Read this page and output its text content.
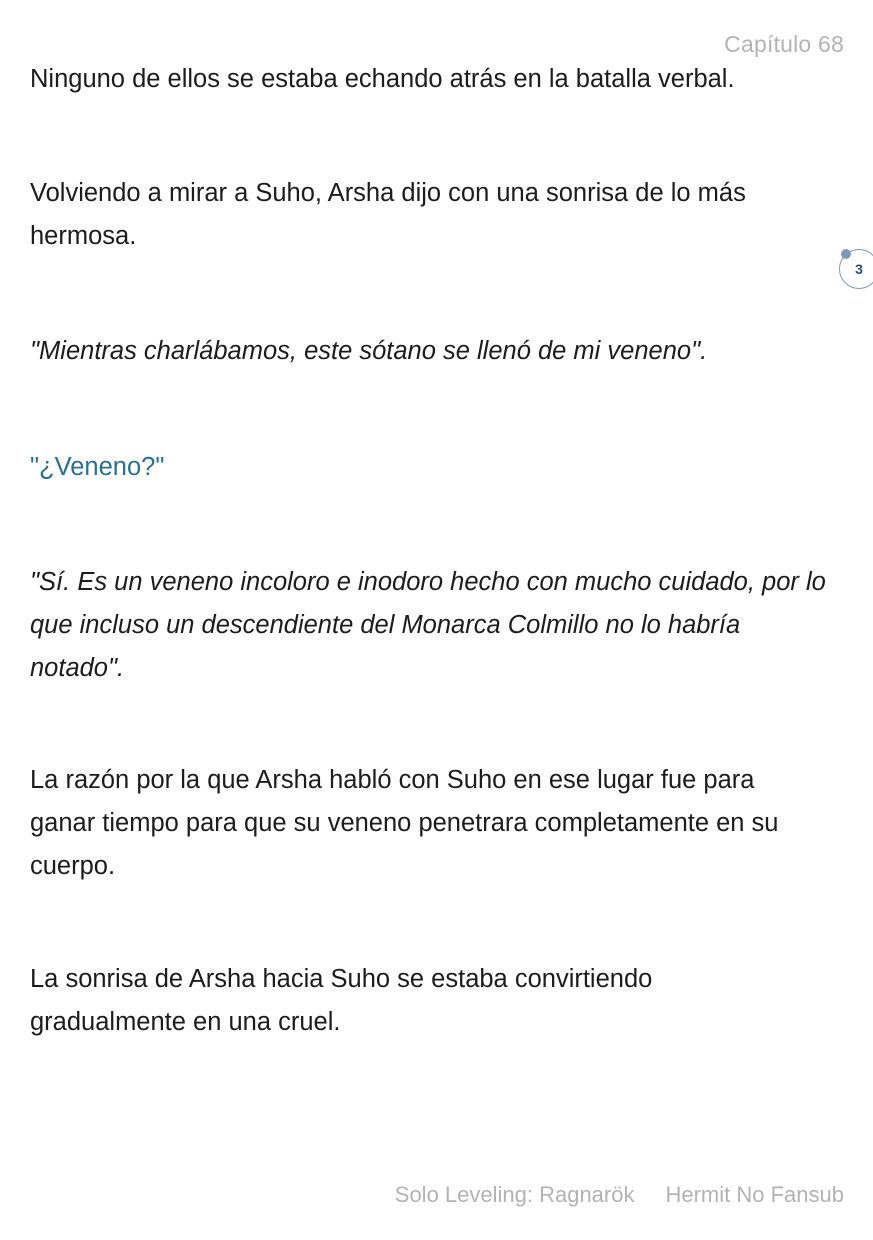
Capítulo 68

Ninguno de ellos se estaba echando atrás en la batalla verbal.

Volviendo a mirar a Suho, Arsha dijo con una sonrisa de lo más hermosa.

"Mientras charlábamos, este sótano se llenó de mi veneno".

"¿Veneno?"

"Sí. Es un veneno incoloro e inodoro hecho con mucho cuidado, por lo que incluso un descendiente del Monarca Colmillo no lo habría notado".

La razón por la que Arsha habló con Suho en ese lugar fue para ganar tiempo para que su veneno penetrara completamente en su cuerpo.

La sonrisa de Arsha hacia Suho se estaba convirtiendo gradualmente en una cruel.

3
Solo Leveling: Ragnarök Hermit No Fansub
